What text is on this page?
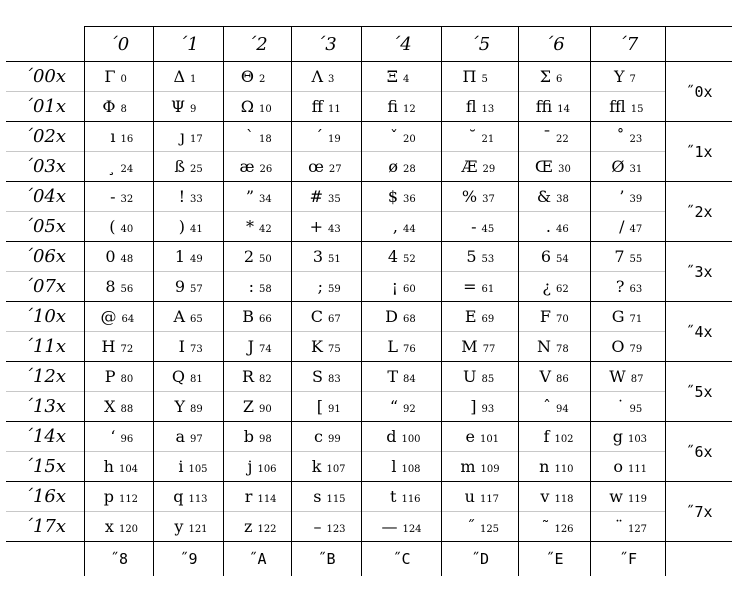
	´0	´1	´2	´3	´4	´5	´6	´7	
´00x	Γ 0	Δ 1	Θ 2	Λ 3	Ξ 4	Π 5	Σ 6	Υ 7	˝0x
´01x	Φ 8	Ψ 9	Ω 10	ﬀ 11	ﬁ 12	ﬂ 13	ﬃ 14	ﬄ 15	
´02x	ı 16	ȷ 17	` 18	´ 19	ˇ 20	˘ 21	¯ 22	˚ 23	˝1x
´03x	¸ 24	ß 25	æ 26	œ 27	ø 28	Æ 29	Œ 30	Ø 31	
´04x	- 32	! 33	” 34	# 35	$ 36	% 37	& 38	’ 39	˝2x
´05x	( 40	) 41	* 42	+ 43	, 44	- 45	. 46	/ 47	
´06x	0 48	1 49	2 50	3 51	4 52	5 53	6 54	7 55	˝3x
´07x	8 56	9 57	: 58	; 59	¡ 60	= 61	¿ 62	? 63	
´10x	@ 64	A 65	B 66	C 67	D 68	E 69	F 70	G 71	˝4x
´11x	H 72	I 73	J 74	K 75	L 76	M 77	N 78	O 79	
´12x	P 80	Q 81	R 82	S 83	T 84	U 85	V 86	W 87	˝5x
´13x	X 88	Y 89	Z 90	[ 91	“ 92	] 93	ˆ 94	˙ 95	
´14x	‘ 96	a 97	b 98	c 99	d 100	e 101	f 102	g 103	˝6x
´15x	h 104	i 105	j 106	k 107	l 108	m 109	n 110	o 111	
´16x	p 112	q 113	r 114	s 115	t 116	u 117	v 118	w 119	˝7x
´17x	x 120	y 121	z 122	– 123	— 124	˝ 125	˜ 126	¨ 127	
	˝8	˝9	˝A	˝B	˝C	˝D	˝E	˝F	
